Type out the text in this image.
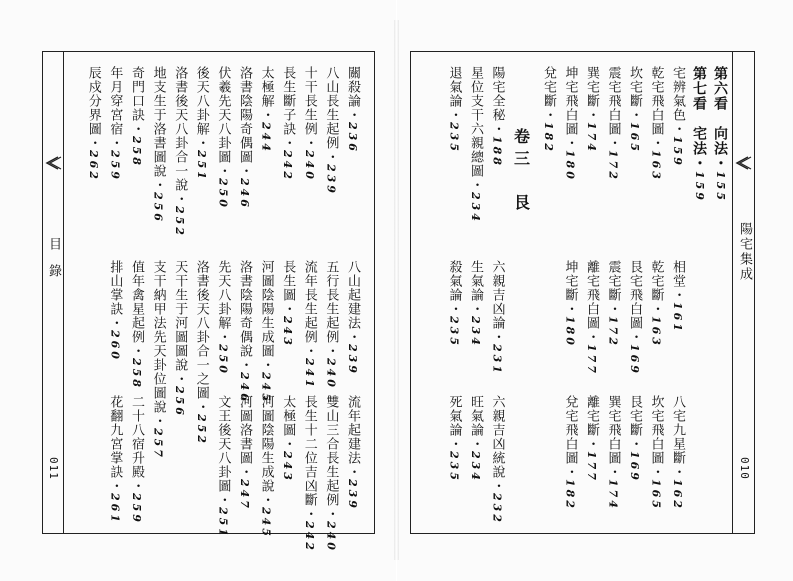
目錄
011
陽宅集成
010
關殺論・236
八山起建法・239
流年起建法・239
八山長生起例・239
五行長生起例・240
雙山三合長生起例・240
十干長生例・240
流年長生起例・241
長生十二位吉凶斷・242
長生斷子訣・242
長生圖・243
太極圖・243
太極解・244
河圖陰陽生成圖・245
河圖陰陽生成說・245
洛書陰陽奇偶圖・246
洛書陰陽奇偶說・246
河圖洛書圖・247
伏羲先天八卦圖・250
先天八卦解・250
文王後天八卦圖・251
後天八卦解・251
洛書後天八卦合一之圖・252
洛書後天八卦合一說・252
天干生于河圖圖說・256
地支生于洛書圖說・256
支干納甲法先天卦位圖說・257
奇門口訣・258
值年禽星起例・258
二十八宿升殿・259
年月穿宮宿・259
排山掌訣・260
花翻九宮掌訣・261
辰戍分界圖・262	第六看　向法・155
第七看　宅法・159
宅辨氣色・159
相堂・161
八宅九星斷・162
乾宅飛白圖・163
乾宅斷・163
坎宅飛白圖・165
坎宅斷・165
艮宅飛白圖・169
艮宅斷・169
震宅飛白圖・172
震宅斷・172
巽宅飛白圖・174
巽宅斷・174
離宅飛白圖・177
離宅斷・177
坤宅飛白圖・180
坤宅斷・180
兌宅飛白圖・182
兌宅斷・182
卷三　艮
陽宅全秘・188
六親吉凶論・231
六親吉凶統說・232
星位支干六親總圖・234
生氣論・234
旺氣論・234
退氣論・235
殺氣論・235
死氣論・235
